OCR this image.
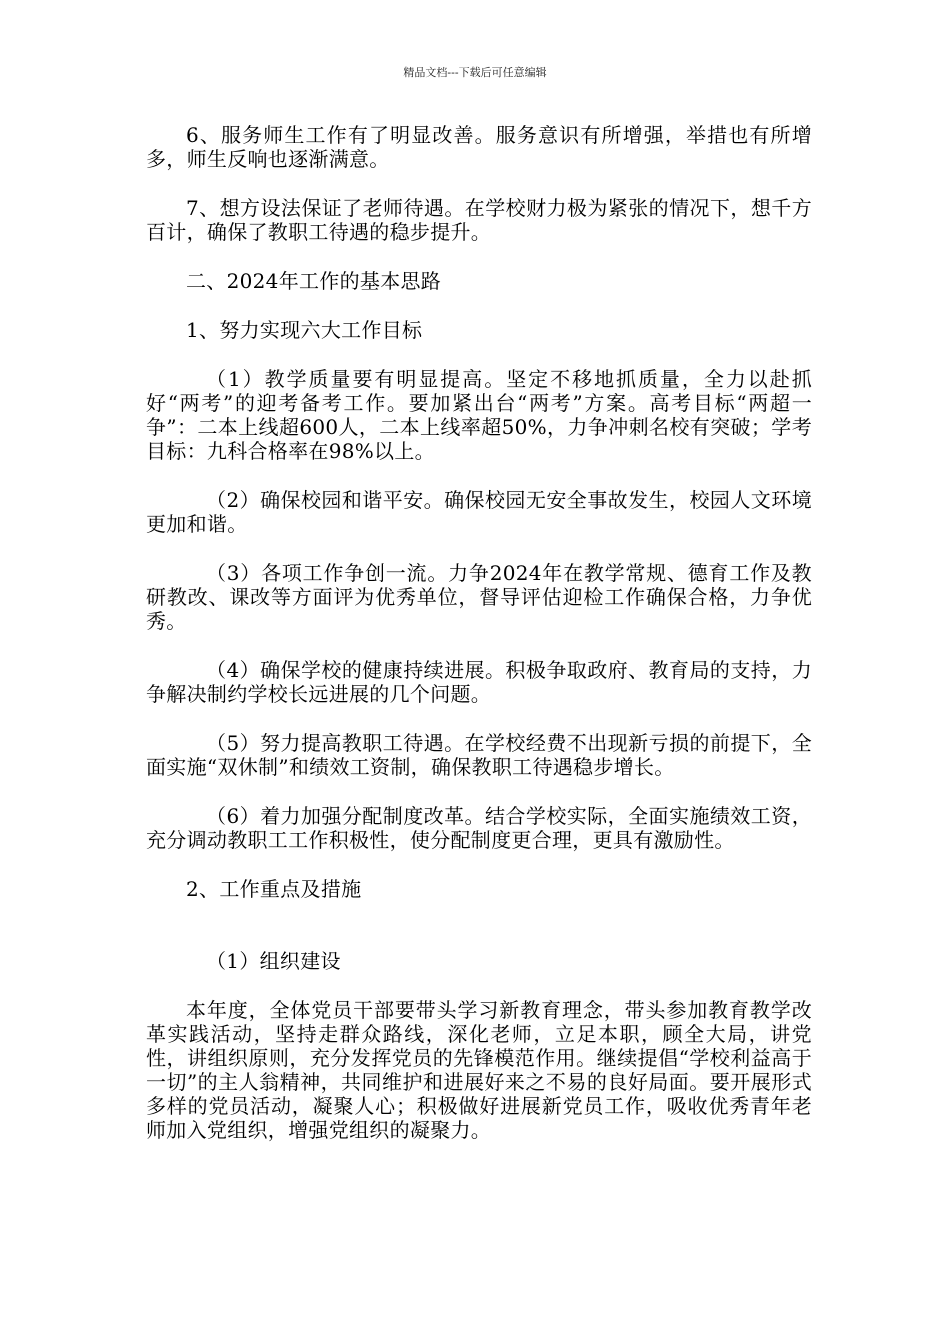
精品文档---下载后可任意编辑

6、服务师生工作有了明显改善。服务意识有所增强，举措也有所增多，师生反响也逐渐满意。

7、想方设法保证了老师待遇。在学校财力极为紧张的情况下，想千方百计，确保了教职工待遇的稳步提升。

二、2024年工作的基本思路

1、努力实现六大工作目标

（1）教学质量要有明显提高。坚定不移地抓质量，全力以赴抓好“两考”的迎考备考工作。要加紧出台“两考”方案。高考目标“两超一争”：二本上线超600人，二本上线率超50%，力争冲刺名校有突破；学考目标：九科合格率在98%以上。

（2）确保校园和谐平安。确保校园无安全事故发生，校园人文环境更加和谐。

（3）各项工作争创一流。力争2024年在教学常规、德育工作及教研教改、课改等方面评为优秀单位，督导评估迎检工作确保合格，力争优秀。

（4）确保学校的健康持续进展。积极争取政府、教育局的支持，力争解决制约学校长远进展的几个问题。

（5）努力提高教职工待遇。在学校经费不出现新亏损的前提下，全面实施“双休制”和绩效工资制，确保教职工待遇稳步增长。

（6）着力加强分配制度改革。结合学校实际，全面实施绩效工资，充分调动教职工工作积极性，使分配制度更合理，更具有激励性。

2、工作重点及措施

（1）组织建设

本年度，全体党员干部要带头学习新教育理念，带头参加教育教学改革实践活动，坚持走群众路线，深化老师，立足本职，顾全大局，讲党性，讲组织原则，充分发挥党员的先锋模范作用。继续提倡“学校利益高于一切”的主人翁精神，共同维护和进展好来之不易的良好局面。要开展形式多样的党员活动，凝聚人心；积极做好进展新党员工作，吸收优秀青年老师加入党组织，增强党组织的凝聚力。
